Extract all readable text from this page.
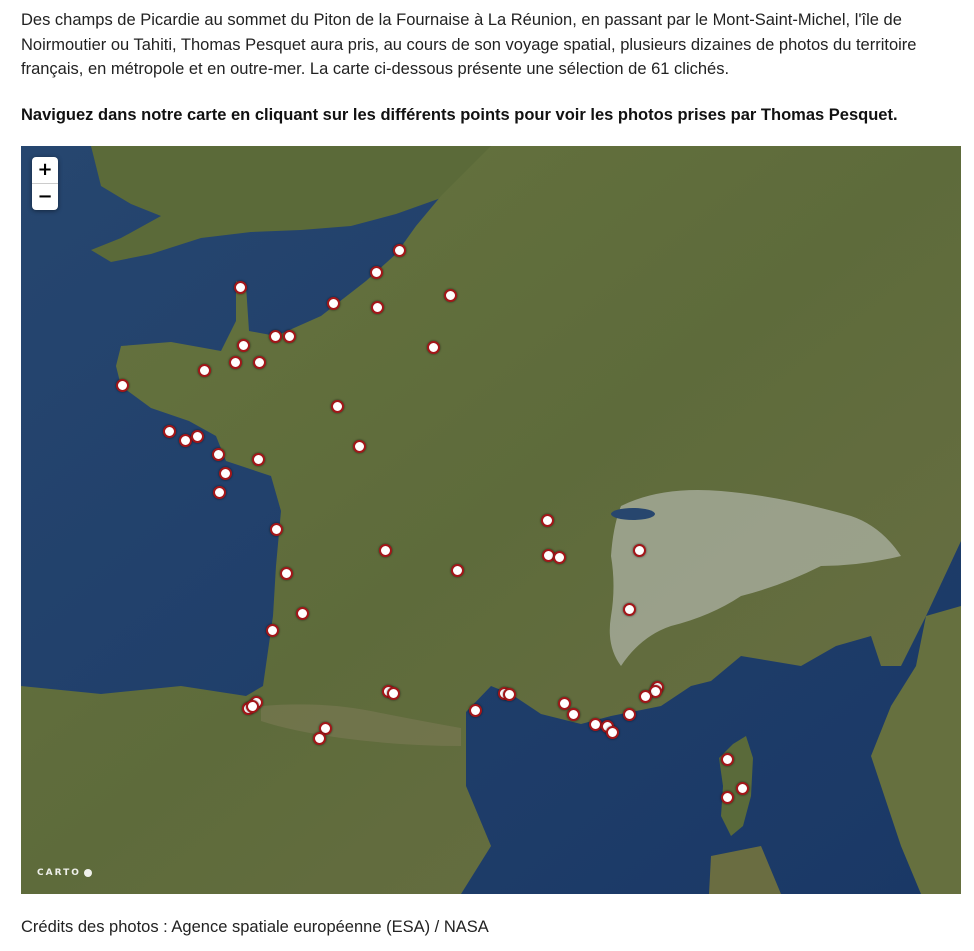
Des champs de Picardie au sommet du Piton de la Fournaise à La Réunion, en passant par le Mont-Saint-Michel, l'île de Noirmoutier ou Tahiti, Thomas Pesquet aura pris, au cours de son voyage spatial, plusieurs dizaines de photos du territoire français, en métropole et en outre-mer. La carte ci-dessous présente une sélection de 61 clichés.

Naviguez dans notre carte en cliquant sur les différents points pour voir les photos prises par Thomas Pesquet.

+
−
CARTO

Crédits des photos : Agence spatiale européenne (ESA) / NASA
